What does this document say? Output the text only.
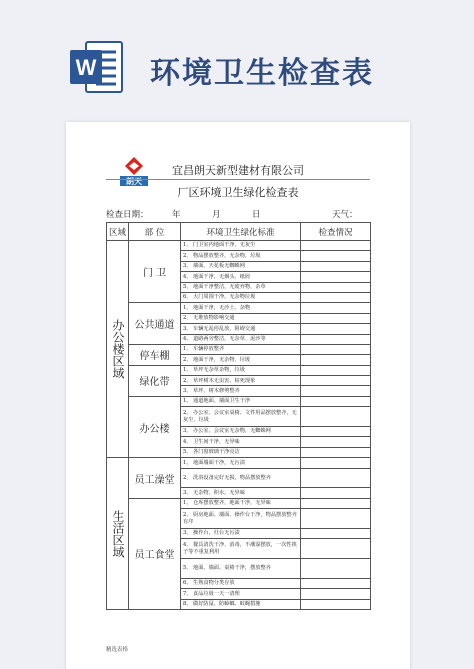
W 环境卫生检查表
朗天
宜昌朗天新型建材有限公司
厂区环境卫生绿化检查表
检查日期：	年	月	日	天气：
区域	部 位	环境卫生绿化标准	检查情况
办公楼区域	门 卫	1、 门卫室内地面干净，无灰尘	
		2、 物品摆放整齐，无杂物，垃圾	
		3、 墙面、天花板无蜘蛛网	
		4、 地面干净，无烟头、纸屑	
		5、 地面干净整洁，无废弃物，杂草	
		6、 大门周围干净，无杂物垃圾	
	公共通道	1、 地面干净，无沙土、杂物	
		2、 无堆放物影响交通	
		3、 车辆无乱停乱放，阻碍交通	
		4、 道路两旁整洁，无杂草、泥沙等	
	停车棚	1、 车辆停放整齐	
		2、 地面干净，无杂物、垃圾	
	绿化带	1、 草坪无杂草杂物，垃圾	
		2、 草坪树木无虫害，枯死现象	
		3、 草坪、树木修剪整齐	
	办公楼	1、 通道地面、墙面卫生干净	
		2、 办公室、会议室桌椅、文件用品摆放整齐，无灰尘、垃圾	
		3、 办公室、会议室无杂物，无蜘蛛网	
		4、 卫生间干净，无异味	
		5、 各门窗玻璃干净亮洁	
生活区域	员工澡堂	1、 地面墙面干净，无污渍	
		2、 洗浴设备完好无损，物品摆放整齐	
		3、 无杂物、积水，无异味	
	员工食堂	1、 仓库摆放整齐，地面干净，无异味	
		2、 厨房地面、墙面、操作台干净，物品摆放整齐有序	
		3、 操作台，灶台无污渍	
		4、 餐具清洗干净、消毒，不潮湿摆放，一次性筷子等不重复利用	
		5、 地面、墙面、桌椅干净，摆放整齐	
		6、 生熟食物分类存放	
		7、 食品垃圾一天一清理	
		8、 做好防鼠、防蟑螂、蚊蝇措施	
精选表格
